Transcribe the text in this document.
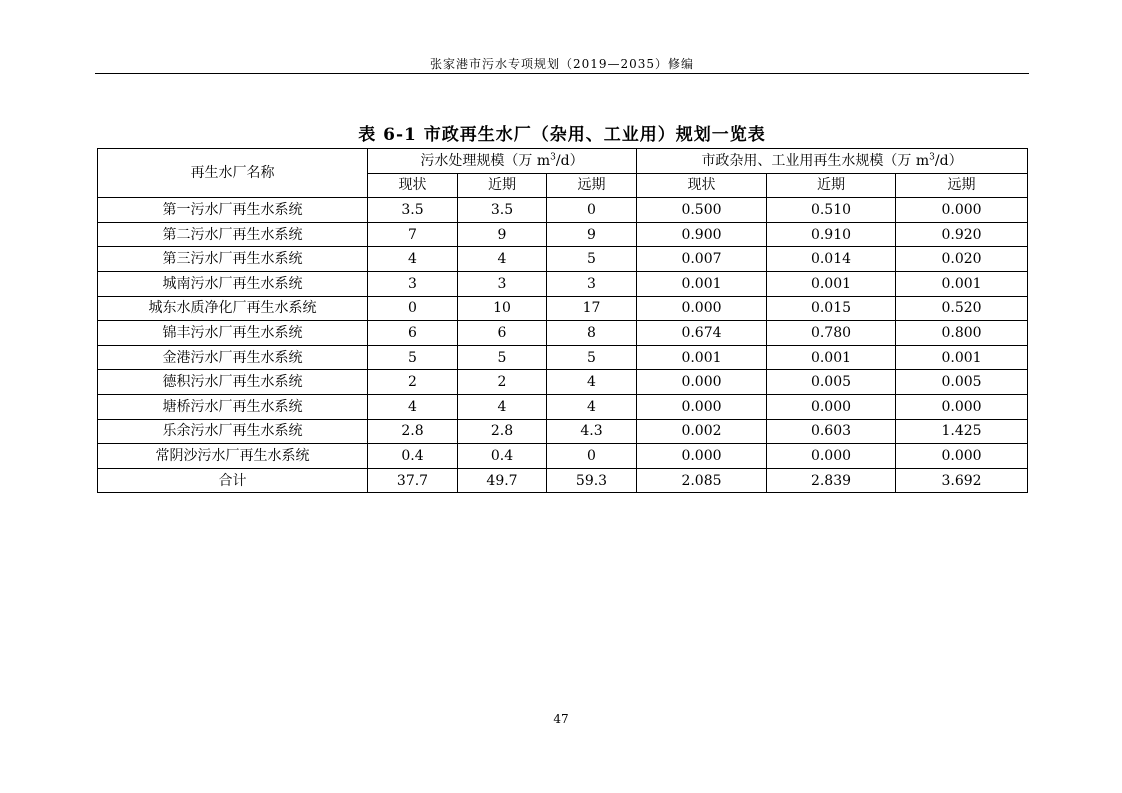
张家港市污水专项规划（2019—2035）修编
表 6-1 市政再生水厂（杂用、工业用）规划一览表
再生水厂名称	污水处理规模（万 $m^3/d$）			市政杂用、工业用再生水规模（万 $m^3/d$）		
	现状	近期	远期	现状	近期	远期
第一污水厂再生水系统	3.5	3.5	0	0.500	0.510	0.000
第二污水厂再生水系统	7	9	9	0.900	0.910	0.920
第三污水厂再生水系统	4	4	5	0.007	0.014	0.020
城南污水厂再生水系统	3	3	3	0.001	0.001	0.001
城东水质净化厂再生水系统	0	10	17	0.000	0.015	0.520
锦丰污水厂再生水系统	6	6	8	0.674	0.780	0.800
金港污水厂再生水系统	5	5	5	0.001	0.001	0.001
德积污水厂再生水系统	2	2	4	0.000	0.005	0.005
塘桥污水厂再生水系统	4	4	4	0.000	0.000	0.000
乐余污水厂再生水系统	2.8	2.8	4.3	0.002	0.603	1.425
常阴沙污水厂再生水系统	0.4	0.4	0	0.000	0.000	0.000
合计	37.7	49.7	59.3	2.085	2.839	3.692
47
